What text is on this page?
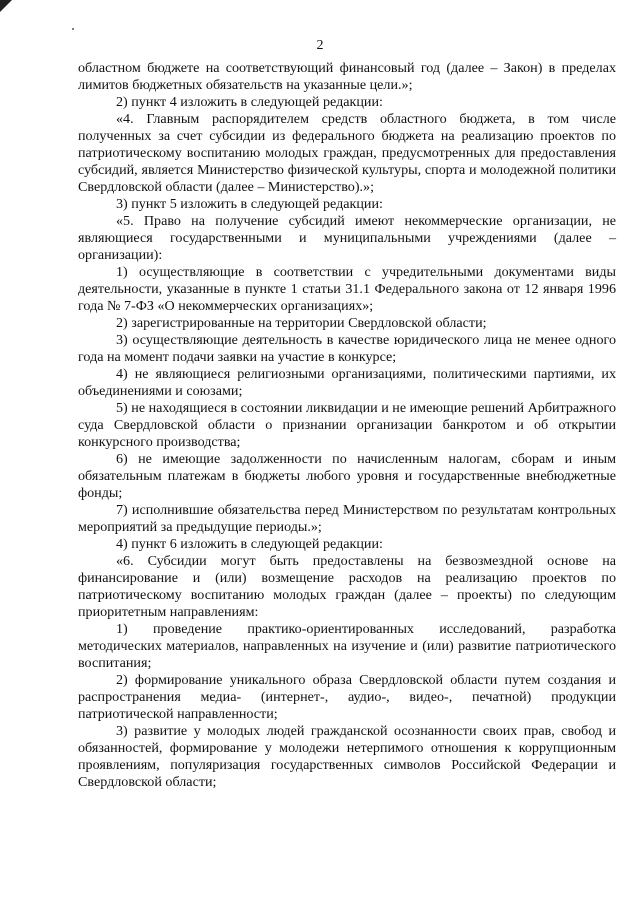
2

областном бюджете на соответствующий финансовый год (далее – Закон) в пределах лимитов бюджетных обязательств на указанные цели.»;

2) пункт 4 изложить в следующей редакции:

«4. Главным распорядителем средств областного бюджета, в том числе полученных за счет субсидии из федерального бюджета на реализацию проектов по патриотическому воспитанию молодых граждан, предусмотренных для предоставления субсидий, является Министерство физической культуры, спорта и молодежной политики Свердловской области (далее – Министерство).»;

3) пункт 5 изложить в следующей редакции:

«5. Право на получение субсидий имеют некоммерческие организации, не являющиеся государственными и муниципальными учреждениями (далее – организации):

1) осуществляющие в соответствии с учредительными документами виды деятельности, указанные в пункте 1 статьи 31.1 Федерального закона от 12 января 1996 года № 7-ФЗ «О некоммерческих организациях»;

2) зарегистрированные на территории Свердловской области;

3) осуществляющие деятельность в качестве юридического лица не менее одного года на момент подачи заявки на участие в конкурсе;

4) не являющиеся религиозными организациями, политическими партиями, их объединениями и союзами;

5) не находящиеся в состоянии ликвидации и не имеющие решений Арбитражного суда Свердловской области о признании организации банкротом и об открытии конкурсного производства;

6) не имеющие задолженности по начисленным налогам, сборам и иным обязательным платежам в бюджеты любого уровня и государственные внебюджетные фонды;

7) исполнившие обязательства перед Министерством по результатам контрольных мероприятий за предыдущие периоды.»;

4) пункт 6 изложить в следующей редакции:

«6. Субсидии могут быть предоставлены на безвозмездной основе на финансирование и (или) возмещение расходов на реализацию проектов по патриотическому воспитанию молодых граждан (далее – проекты) по следующим приоритетным направлениям:

1) проведение практико-ориентированных исследований, разработка методических материалов, направленных на изучение и (или) развитие патриотического воспитания;

2) формирование уникального образа Свердловской области путем создания и распространения медиа- (интернет-, аудио-, видео-, печатной) продукции патриотической направленности;

3) развитие у молодых людей гражданской осознанности своих прав, свобод и обязанностей, формирование у молодежи нетерпимого отношения к коррупционным проявлениям, популяризация государственных символов Российской Федерации и Свердловской области;
